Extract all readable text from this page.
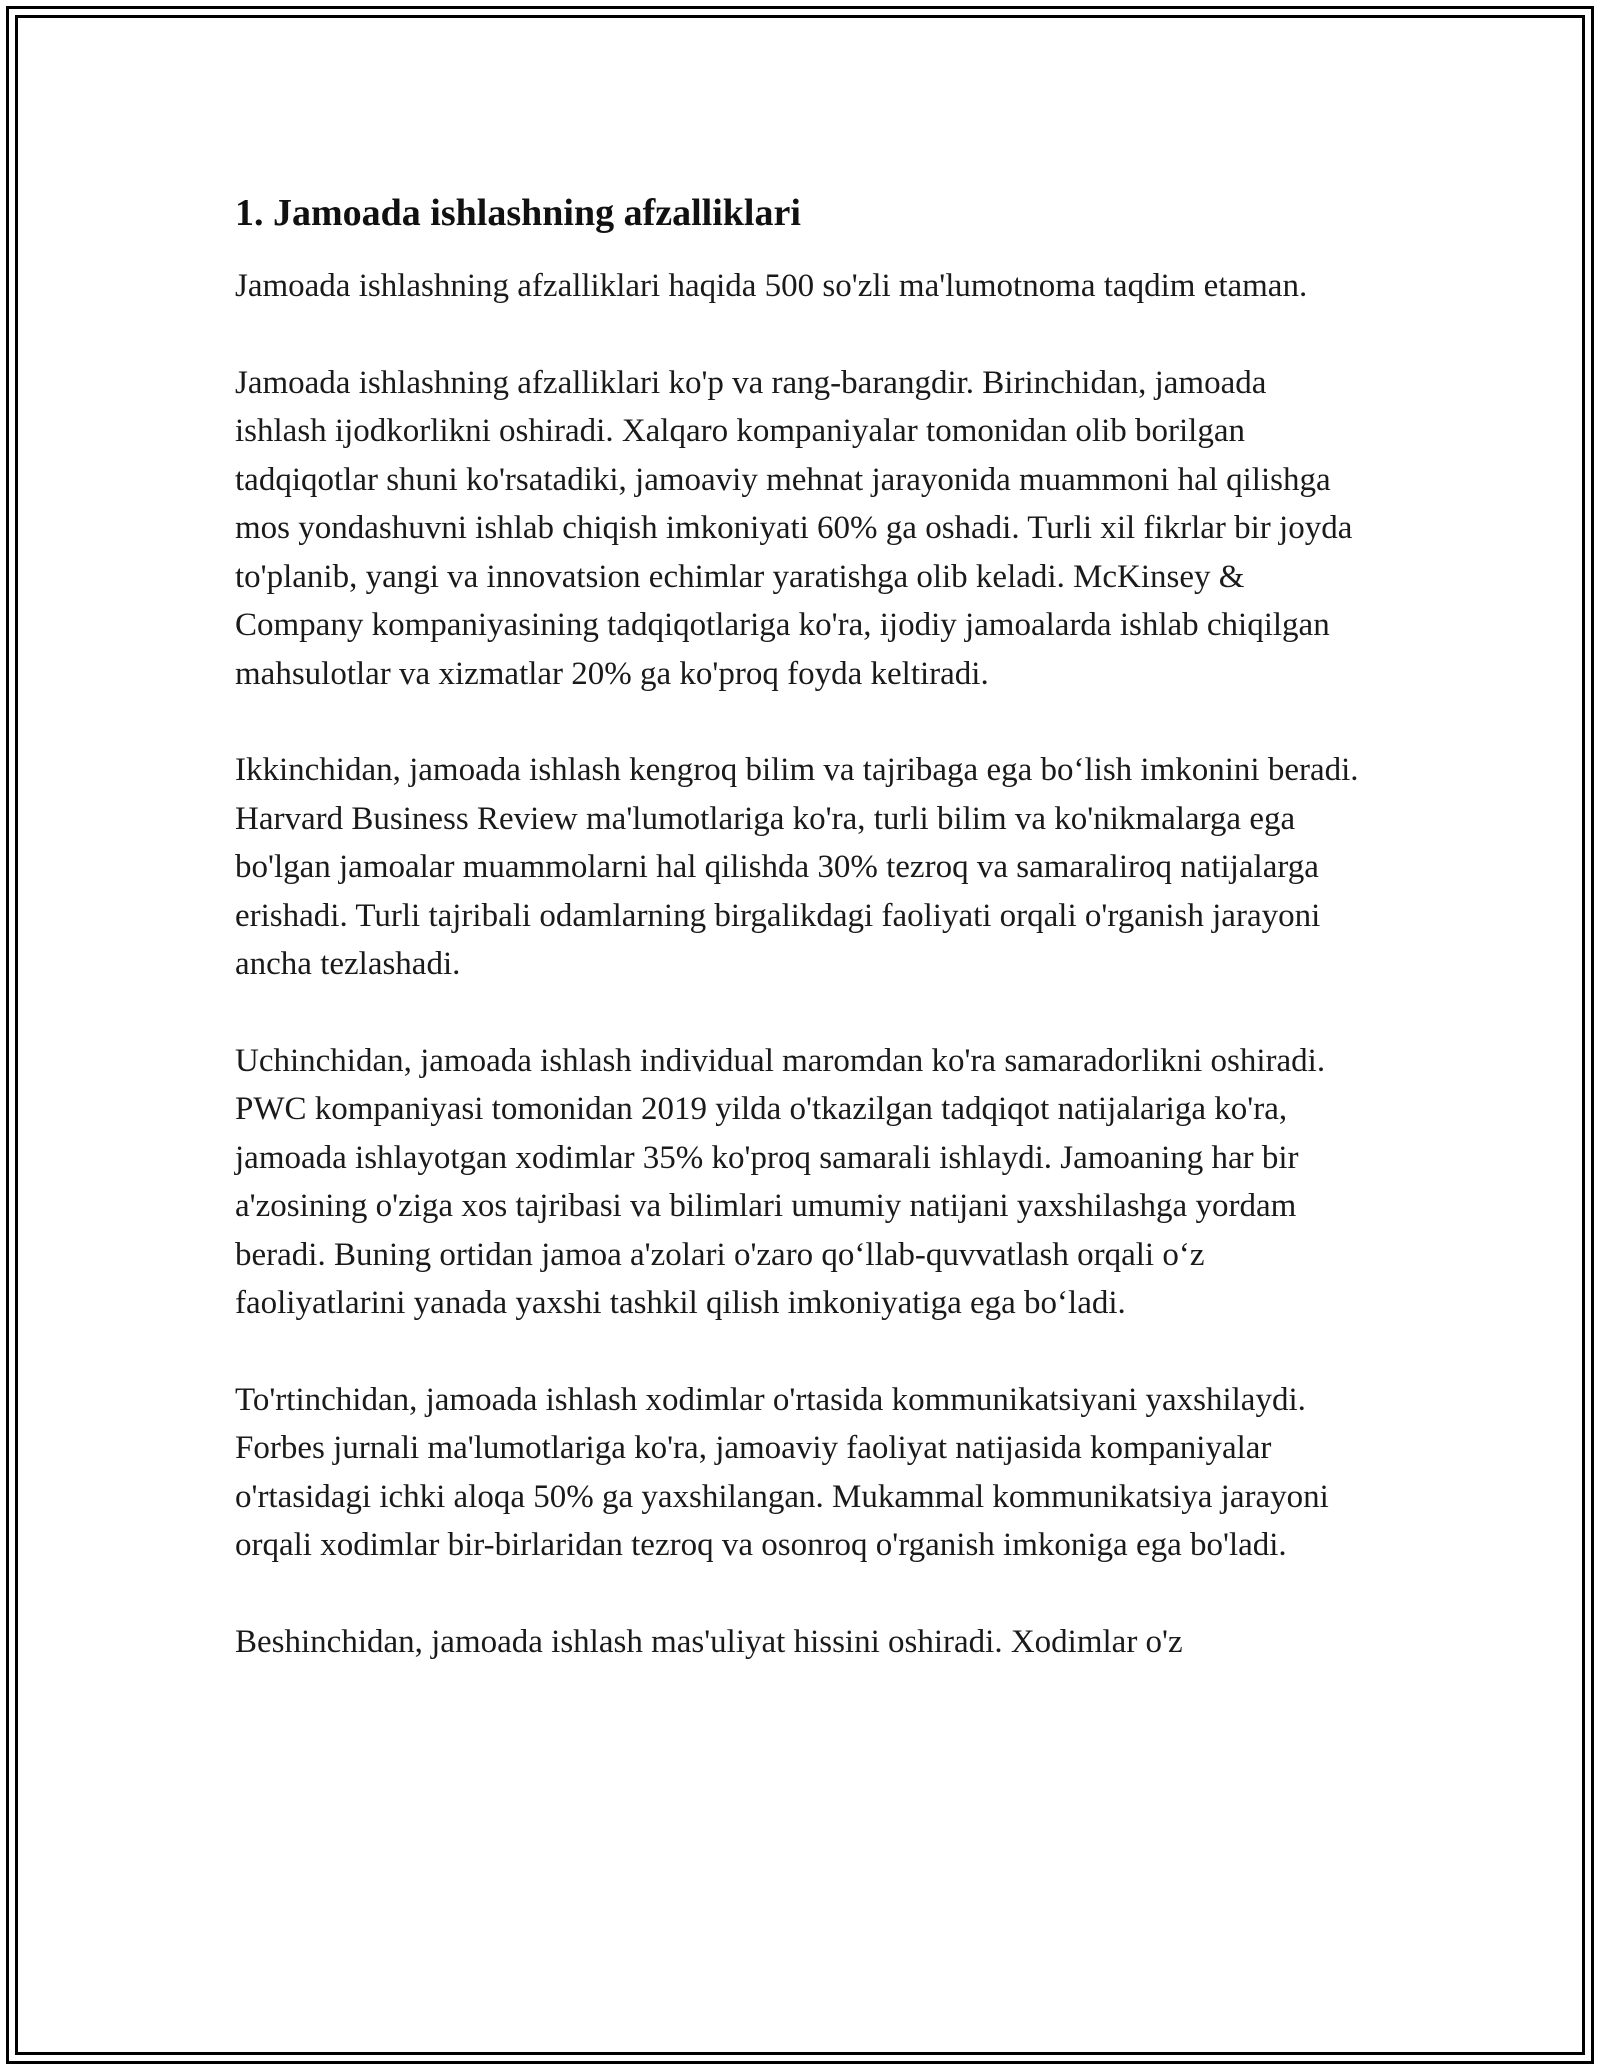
1. Jamoada ishlashning afzalliklari

Jamoada ishlashning afzalliklari haqida 500 so'zli ma'lumotnoma taqdim etaman.

Jamoada ishlashning afzalliklari ko'p va rang-barangdir. Birinchidan, jamoada ishlash ijodkorlikni oshiradi. Xalqaro kompaniyalar tomonidan olib borilgan tadqiqotlar shuni ko'rsatadiki, jamoaviy mehnat jarayonida muammoni hal qilishga mos yondashuvni ishlab chiqish imkoniyati 60% ga oshadi. Turli xil fikrlar bir joyda to'planib, yangi va innovatsion echimlar yaratishga olib keladi. McKinsey & Company kompaniyasining tadqiqotlariga ko'ra, ijodiy jamoalarda ishlab chiqilgan mahsulotlar va xizmatlar 20% ga ko'proq foyda keltiradi.

Ikkinchidan, jamoada ishlash kengroq bilim va tajribaga ega bo‘lish imkonini beradi. Harvard Business Review ma'lumotlariga ko'ra, turli bilim va ko'nikmalarga ega bo'lgan jamoalar muammolarni hal qilishda 30% tezroq va samaraliroq natijalarga erishadi. Turli tajribali odamlarning birgalikdagi faoliyati orqali o'rganish jarayoni ancha tezlashadi.

Uchinchidan, jamoada ishlash individual maromdan ko'ra samaradorlikni oshiradi. PWC kompaniyasi tomonidan 2019 yilda o'tkazilgan tadqiqot natijalariga ko'ra, jamoada ishlayotgan xodimlar 35% ko'proq samarali ishlaydi. Jamoaning har bir a'zosining o'ziga xos tajribasi va bilimlari umumiy natijani yaxshilashga yordam beradi. Buning ortidan jamoa a'zolari o'zaro qo‘llab-quvvatlash orqali o‘z faoliyatlarini yanada yaxshi tashkil qilish imkoniyatiga ega bo‘ladi.

To'rtinchidan, jamoada ishlash xodimlar o'rtasida kommunikatsiyani yaxshilaydi. Forbes jurnali ma'lumotlariga ko'ra, jamoaviy faoliyat natijasida kompaniyalar o'rtasidagi ichki aloqa 50% ga yaxshilangan. Mukammal kommunikatsiya jarayoni orqali xodimlar bir-birlaridan tezroq va osonroq o'rganish imkoniga ega bo'ladi.

Beshinchidan, jamoada ishlash mas'uliyat hissini oshiradi. Xodimlar o'z
